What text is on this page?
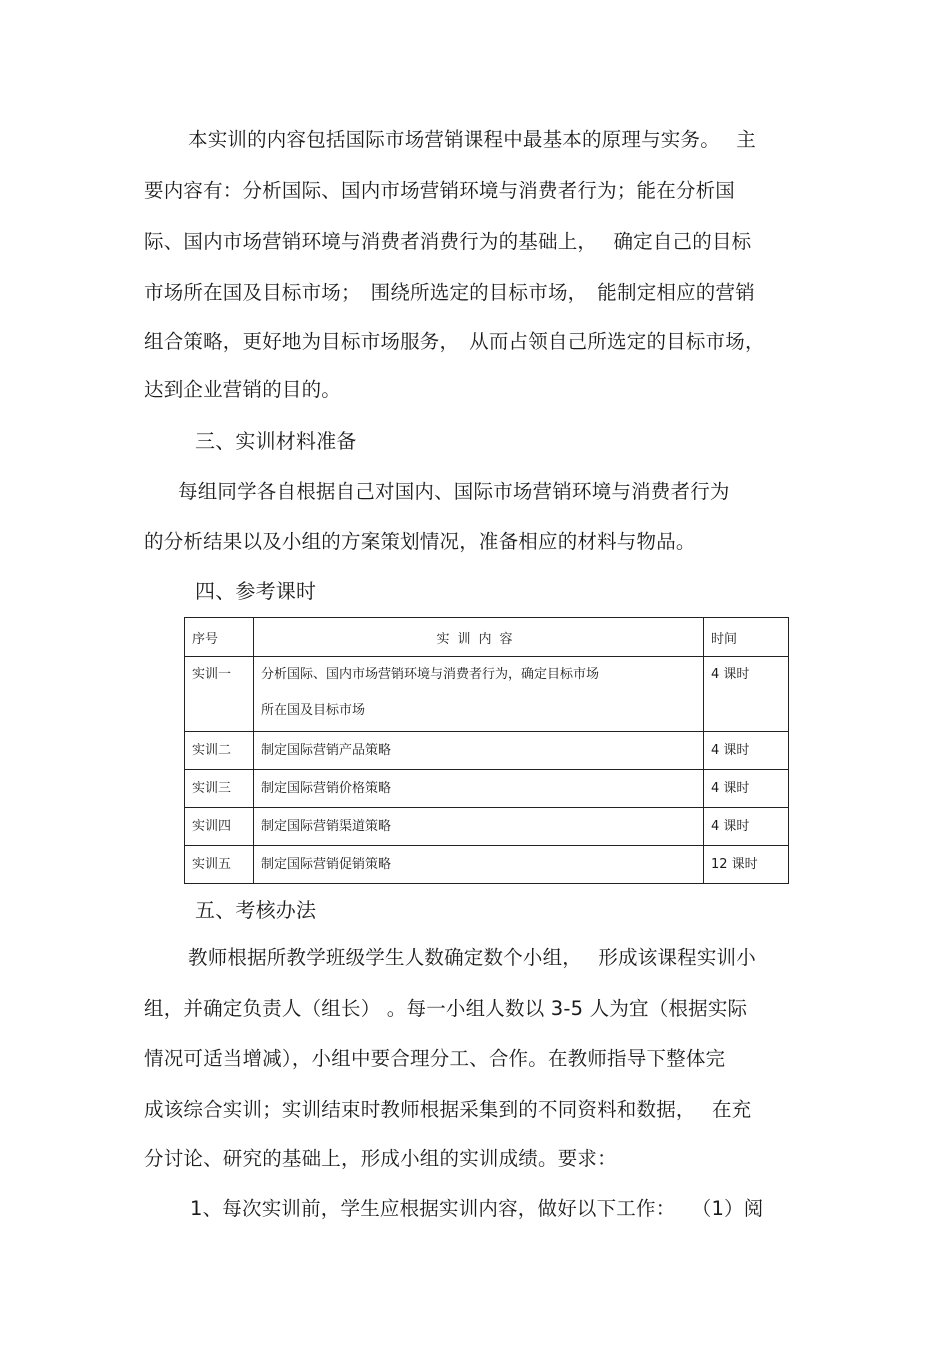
本实训的内容包括国际市场营销课程中最基本的原理与实务。　 主
要内容有：分析国际、国内市场营销环境与消费者行为；能在分析国
际、国内市场营销环境与消费者消费行为的基础上，　 确定自己的目标
市场所在国及目标市场；　围绕所选定的目标市场，　能制定相应的营销
组合策略，更好地为目标市场服务，　从而占领自己所选定的目标市场，
达到企业营销的目的。
三、实训材料准备
每组同学各自根据自己对国内、国际市场营销环境与消费者行为
的分析结果以及小组的方案策划情况，准备相应的材料与物品。
四、参考课时
序号	实训内容	时间
实训一	分析国际、国内市场营销环境与消费者行为，确定目标市场
所在国及目标市场	4 课时
实训二	制定国际营销产品策略	4 课时
实训三	制定国际营销价格策略	4 课时
实训四	制定国际营销渠道策略	4 课时
实训五	制定国际营销促销策略	12 课时
五、考核办法
教师根据所教学班级学生人数确定数个小组，　 形成该课程实训小
组，并确定负责人（组长） 。每一小组人数以 3-5 人为宜（根据实际
情况可适当增减），小组中要合理分工、合作。在教师指导下整体完
成该综合实训；实训结束时教师根据采集到的不同资料和数据，　 在充
分讨论、研究的基础上，形成小组的实训成绩。要求：
1、每次实训前，学生应根据实训内容，做好以下工作：　 （1）阅
